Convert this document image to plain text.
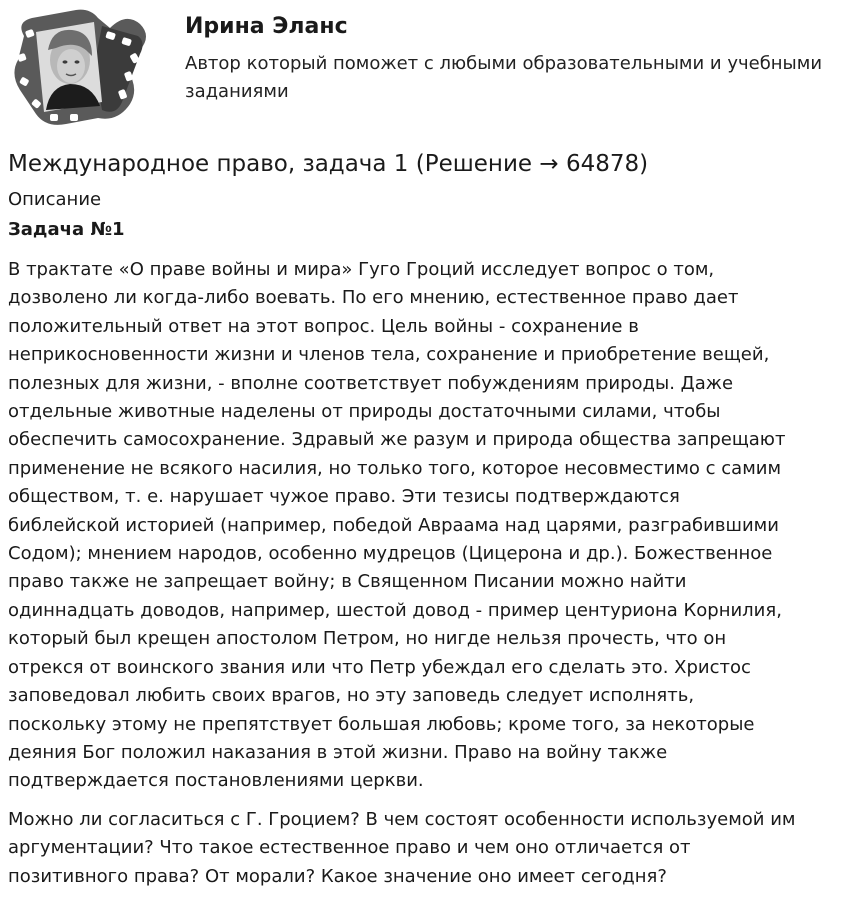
Ирина Эланс

Автор который поможет с любыми образовательными и учебными заданиями

Международное право, задача 1 (Решение → 64878)

Описание

Задача №1

В трактате «О праве войны и мира» Гуго Гроций исследует вопрос о том,
дозволено ли когда-либо воевать. По его мнению, естественное право дает
положительный ответ на этот вопрос. Цель войны - сохранение в
неприкосновенности жизни и членов тела, сохранение и приобретение вещей,
полезных для жизни, - вполне соответствует побуждениям природы. Даже
отдельные животные наделены от природы достаточными силами, чтобы
обеспечить самосохранение. Здравый же разум и природа общества запрещают
применение не всякого насилия, но только того, которое несовместимо с самим
обществом, т. е. нарушает чужое право. Эти тезисы подтверждаются
библейской историей (например, победой Авраама над царями, разграбившими
Содом); мнением народов, особенно мудрецов (Цицерона и др.). Божественное
право также не запрещает войну; в Священном Писании можно найти
одиннадцать доводов, например, шестой довод - пример центуриона Корнилия,
который был крещен апостолом Петром, но нигде нельзя прочесть, что он
отрекся от воинского звания или что Петр убеждал его сделать это. Христос
заповедовал любить своих врагов, но эту заповедь следует исполнять,
поскольку этому не препятствует большая любовь; кроме того, за некоторые
деяния Бог положил наказания в этой жизни. Право на войну также
подтверждается постановлениями церкви.

Можно ли согласиться с Г. Гроцием? В чем состоят особенности используемой им
аргументации? Что такое естественное право и чем оно отличается от
позитивного права? От морали? Какое значение оно имеет сегодня?
